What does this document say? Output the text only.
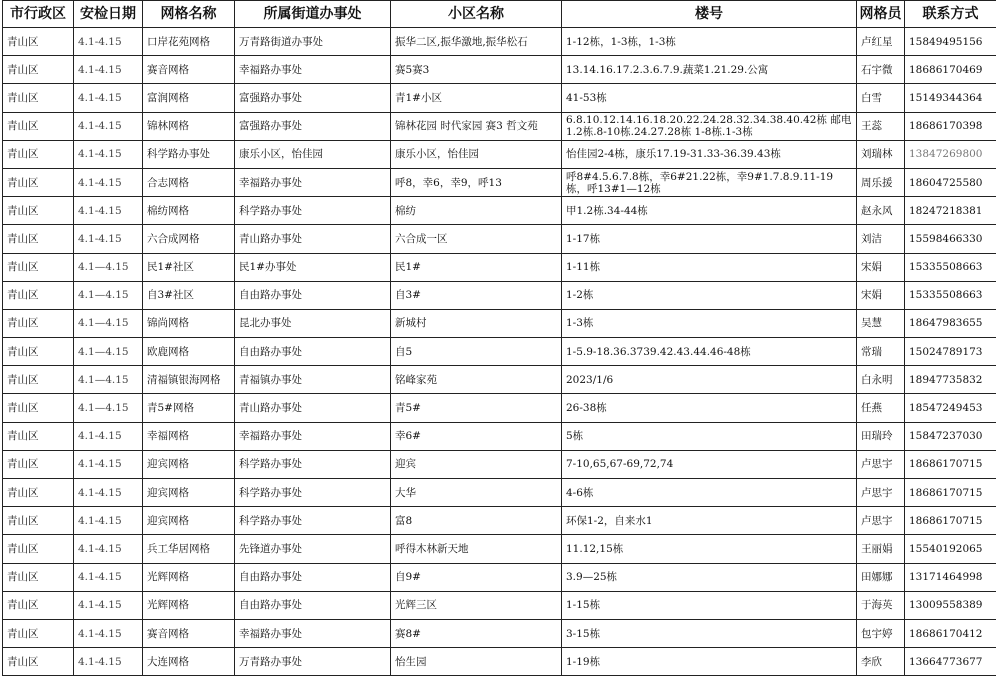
市行政区	安检日期	网格名称	所属街道办事处	小区名称	楼号	网格员	联系方式
青山区	4.1-4.15	口岸花苑网格	万青路街道办事处	振华二区,振华激地,振华松石	1-12栋，1-3栋，1-3栋	卢红星	15849495156
青山区	4.1-4.15	赛音网格	幸福路办事处	赛5赛3	13.14.16.17.2.3.6.7.9.蔬菜1.21.29.公寓	石宇微	18686170469
青山区	4.1-4.15	富润网格	富强路办事处	青1#小区	41-53栋	白雪	15149344364
青山区	4.1-4.15	锦林网格	富强路办事处	锦林花园 时代家园 赛3 哲文苑	6.8.10.12.14.16.18.20.22.24.28.32.34.38.40.42栋 邮电1.2栋.8-10栋.24.27.28栋 1-8栋.1-3栋	王蕊	18686170398
青山区	4.1-4.15	科学路办事处	康乐小区，怡佳园	康乐小区，怡佳园	怡佳园2-4栋，康乐17.19-31.33-36.39.43栋	刘瑞林	13847269800
青山区	4.1-4.15	合志网格	幸福路办事处	呼8，幸6，幸9，呼13	呼8#4.5.6.7.8栋，幸6#21.22栋，幸9#1.7.8.9.11-19栋，呼13#1—12栋	周乐援	18604725580
青山区	4.1-4.15	棉纺网格	科学路办事处	棉纺	甲1.2栋.34-44栋	赵永风	18247218381
青山区	4.1-4.15	六合成网格	青山路办事处	六合成一区	1-17栋	刘洁	15598466330
青山区	4.1—4.15	民1#社区	民1#办事处	民1#	1-11栋	宋娟	15335508663
青山区	4.1—4.15	自3#社区	自由路办事处	自3#	1-2栋	宋娟	15335508663
青山区	4.1—4.15	锦尚网格	昆北办事处	新城村	1-3栋	吴慧	18647983655
青山区	4.1—4.15	欧鹿网格	自由路办事处	自5	1-5.9-18.36.3739.42.43.44.46-48栋	常瑞	15024789173
青山区	4.1—4.15	清福镇银海网格	青福镇办事处	铭峰家苑	2023/1/6	白永明	18947735832
青山区	4.1—4.15	青5#网格	青山路办事处	青5#	26-38栋	任燕	18547249453
青山区	4.1-4.15	幸福网格	幸福路办事处	幸6#	5栋	田瑞玲	15847237030
青山区	4.1-4.15	迎宾网格	科学路办事处	迎宾	7-10,65,67-69,72,74	卢思宇	18686170715
青山区	4.1-4.15	迎宾网格	科学路办事处	大华	4-6栋	卢思宇	18686170715
青山区	4.1-4.15	迎宾网格	科学路办事处	富8	环保1-2，自来水1	卢思宇	18686170715
青山区	4.1-4.15	兵工华居网格	先锋道办事处	呼得木林新天地	11.12,15栋	王丽娟	15540192065
青山区	4.1-4.15	光辉网格	自由路办事处	自9#	3.9—25栋	田娜娜	13171464998
青山区	4.1-4.15	光辉网格	自由路办事处	光辉三区	1-15栋	于海英	13009558389
青山区	4.1-4.15	赛音网格	幸福路办事处	赛8#	3-15栋	包宇婷	18686170412
青山区	4.1-4.15	大连网格	万青路办事处	怡生园	1-19栋	李欣	13664773677
